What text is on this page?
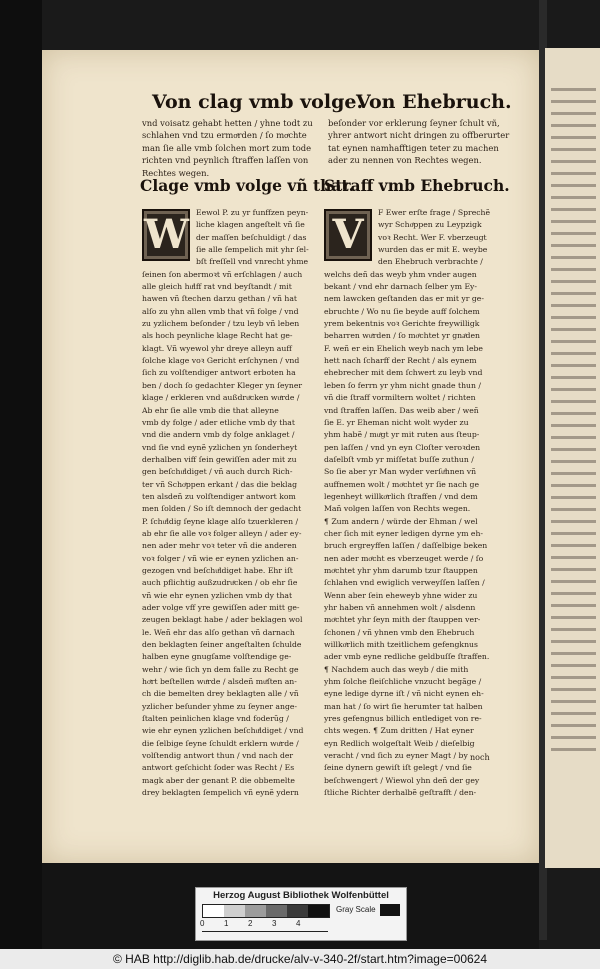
Von clag vmb volge.
Von Ehebruch.
vnd voisatz gehabt hetten / yhne todt zu schlahen vnd tzu ermoͤrden / ſo moͤchte man ſie alle vmb ſolchen mort zum tode richten vnd peynlich ſtraffen laſſen von Rechtes wegen.
beſonder vor erklerung ſeyner ſchult vñ, yhrer antwort nicht dringen zu offberurter tat eynen namhafftigen teter zu machen ader zu nennen von Rechtes wegen.
Clage vmb volge vñ that.
Straff vmb Ehebruch.
W Eewol P. zu yr funffzen peyn-
liche klagen angeſtelt vñ ſie
der maſſen beſchuldigt / das
ſie alle ſempelich mit yhr ſel-
bſt freſſell vnd vnrecht yhme
ſeinen ſon abermoꝛt vñ erſchlagen / auch
alle gleich huͤlff rat vnd beyſtandt / mit
hawen vñ ſtechen darzu gethan / vñ hat
alſo zu yhn allen vmb that vñ folge / vnd
zu yzlichem beſonder / tzu leyb vñ leben
als hoch peynliche klage Recht hat ge-
klagt. Vñ wyewol yhr dreye alleyn auff
ſolche klage voꝛ Gericht erſchynen / vnd
ſich zu volſtendiger antwort erboten ha
ben / doch ſo gedachter Kleger yn ſeyner
klage / erkleren vnd außdruͤcken wuͤrde /
Ab ehr ſie alle vmb die that alleyne
vmb dy folge / ader etliche vmb dy that
vnd die andern vmb dy folge anklaget /
vnd ſie vnd eynẽ yzlichen yn ſonderheyt
derhalben viff ſein gewiſſen ader mit zu
gen beſchuͤldiget / vñ auch durch Rich-
ter vñ Schoͤppen erkant / das die beklag
ten alsdeñ zu volſtendiger antwort kom
men ſolden / So iſt demnoch der gedacht
P. ſchuͤldig ſeyne klage alſo tzuerkleren /
ab ehr ſie alle voꝛ folger alleyn / ader ey-
nen ader mehr voꝛ teter vñ die anderen
voꝛ folger / vñ wie er eynen yzlichen an-
gezogen vnd beſchuͤldiget habe. Ehr iſt
auch pflichtig außzudruͤcken / ob ehr ſie
vñ wie ehr eynen yzlichen vmb dy that
ader volge vff yre gewiſſen ader mitt ge-
zeugen beklagt habe / ader beklagen wol
le. Weñ ehr das alſo gethan vñ darnach
den beklagten ſeiner angeſtalten ſchulde
halben eyne gnugſame volſtendige ge-
wehr / wie ſich yn dem falle zu Recht ge
hoͤrt beſtellen wuͤrde / alsdeñ muͤſten an-
ch die bemelten drey beklagten alle / vñ
yzlicher beſunder yhme zu ſeyner ange-
ſtalten peinlichen klage vnd foderũg /
wie ehr eynen yzlichen beſchuͤldiget / vnd
die ſelbige ſeyne ſchuldt erklern wuͤrde /
volſtendig antwort thun / vnd nach der
antwort geſchicht ſoder was Recht / Es
magk aber der genant P. die obbemelte
drey beklagten ſempelich vñ eynẽ ydern
V	F Ewer erſte frage / Sprechẽ
wyr Schoͤppen zu Leypzigk
voꝛ Recht. Wer F. vberzeugt
wurden das er mit E. weybe
den Ehebruch verbrachte /
welchs deñ das weyb yhm vnder augen
bekant / vnd ehr darnach ſelber ym Ey-
nem lawcken geſtanden das er mit yr ge-
ebruchte / Wo nu ſie beyde auff ſolchem
yrem bekentnis voꝛ Gerichte freywilligk
beharren wuͤrden / ſo moͤchtet yr gnaͤden
F. weñ er ein Ehelich weyb nach ym lebe
hett nach ſcharff der Recht / als eynem
ehebrecher mit dem ſchwert zu leyb vnd
leben ſo ferrn yr yhm nicht gnade thun /
vñ die ſtraff vormiltern woltet / richten
vnd ſtraffen laſſen. Das weib aber / weñ
ſie E. yr Eheman nicht wolt wyder zu
yhm habẽ / muͤgt yr mit ruten aus ſteup-
pen laſſen / vnd yn eyn Cloſter veroꝛden
daſelbſt vmb yr miſſetat buſſe zuthun /
So ſie aber yr Man wyder verſuͤhnen vñ
auffnemen wolt / moͤchtet yr ſie nach ge
legenheyt willkoͤrlich ſtraffen / vnd dem
Mañ volgen laſſen von Rechts wegen.
¶ Zum andern / würde der Ehman / wel
cher ſich mit eyner ledigen dyrne ym eh-
bruch ergreyffen laſſen / daſſelbige beken
nen ader moͤcht es vberzeuget werde / ſo
moͤchtet yhr yhm darumb tzur ſtauppen
ſchlahen vnd ewiglich verweyſſen laſſen /
Wenn aber ſein eheweyb yhne wider zu
yhr haben vñ annehmen wolt / alsdenn
moͤchtet yhr ſeyn mith der ſtauppen ver-
ſchonen / vñ yhnen vmb den Ehebruch
willkoͤrlich mith tzeitlichem gefengknus
ader vmb eyne redliche geldbuſſe ſtraffen.
¶ Nachdem auch das weyb / die mith
yhm ſolche fleiſchliche vnzucht begãge /
eyne ledige dyrne iſt / vñ nicht eynen eh-
man hat / ſo wirt ſie herumter tat halben
yres gefengnus billich entlediget von re-
chts wegen. ¶ Zum dritten / Hat eyner
eyn Redlich wolgeſtalt Weib / dieſelbig
veracht / vnd ſich zu eyner Magt / by
ſeine dynern gewiſt iſt gelegt / vnd ſie
beſchwengert / Wiewol yhn deñ der gey
ſtliche Richter derhalbẽ geſtrafft / den-
noch
Herzog August Bibliothek Wolfenbüttel
Gray Scale
0 1 2 3 4
© HAB http://diglib.hab.de/drucke/alv-v-340-2f/start.htm?image=00624
